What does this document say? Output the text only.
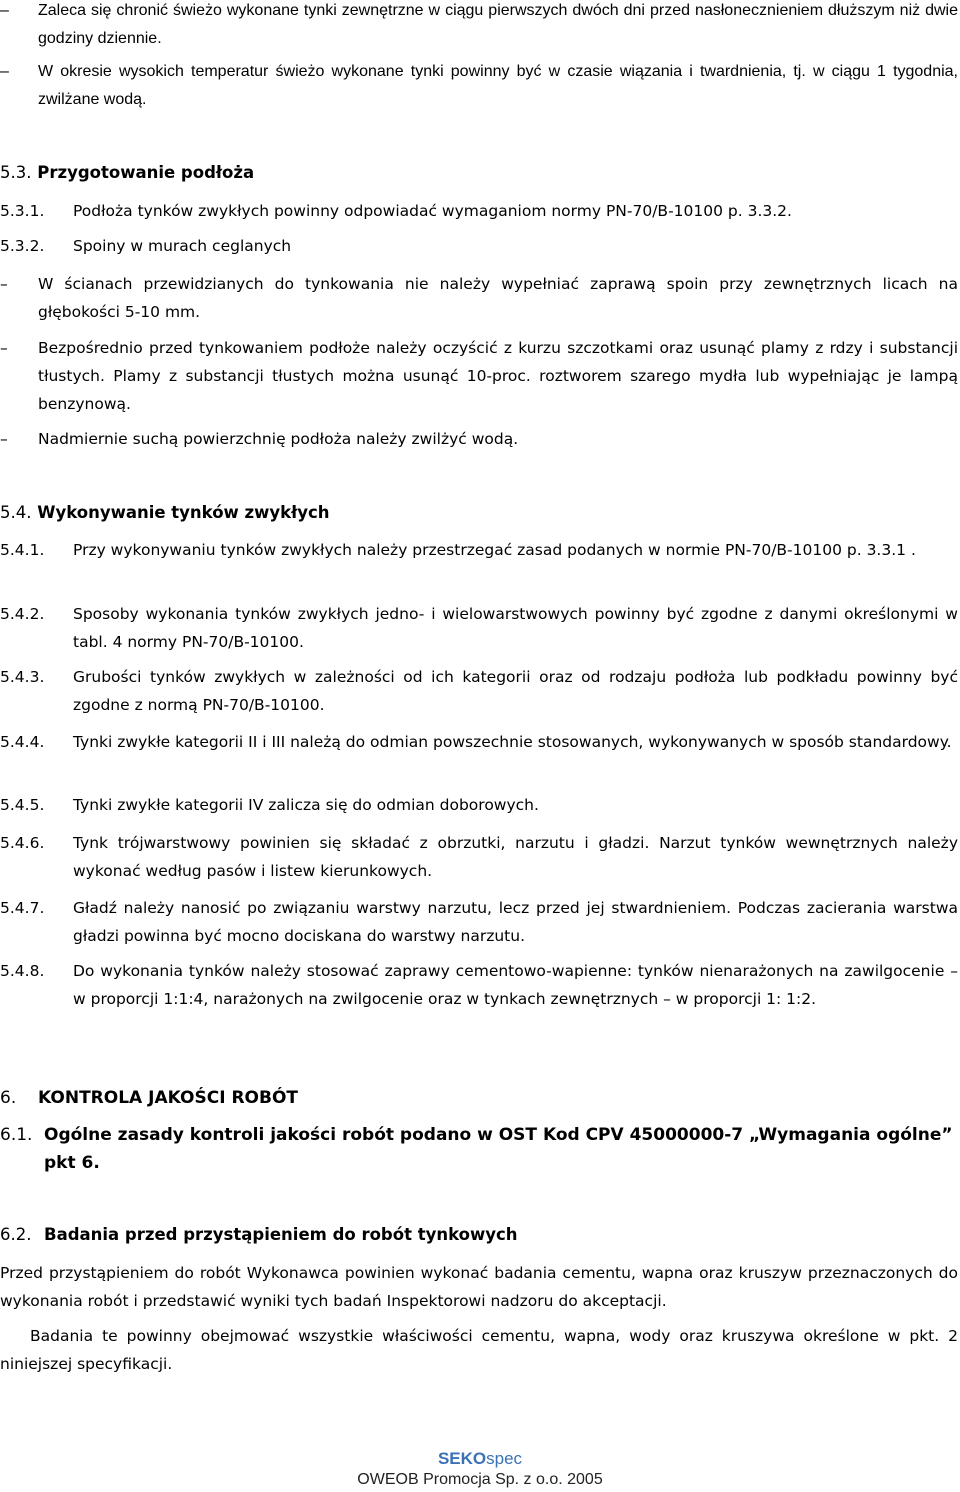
– Zaleca się chronić świeżo wykonane tynki zewnętrzne w ciągu pierwszych dwóch dni przed nasłonecznieniem dłuższym niż dwie godziny dziennie.
– W okresie wysokich temperatur świeżo wykonane tynki powinny być w czasie wiązania i twardnienia, tj. w ciągu 1 tygodnia, zwilżane wodą.
5.3. Przygotowanie podłoża
5.3.1. Podłoża tynków zwykłych powinny odpowiadać wymaganiom normy PN-70/B-10100 p. 3.3.2.
5.3.2. Spoiny w murach ceglanych
– W ścianach przewidzianych do tynkowania nie należy wypełniać zaprawą spoin przy zewnętrznych licach na głębokości 5-10 mm.
– Bezpośrednio przed tynkowaniem podłoże należy oczyścić z kurzu szczotkami oraz usunąć plamy z rdzy i substancji tłustych. Plamy z substancji tłustych można usunąć 10-proc. roztworem szarego mydła lub wypełniając je lampą benzynową.
– Nadmiernie suchą powierzchnię podłoża należy zwilżyć wodą.
5.4. Wykonywanie tynków zwykłych
5.4.1. Przy wykonywaniu tynków zwykłych należy przestrzegać zasad podanych w normie PN-70/B-10100 p. 3.3.1 .
5.4.2. Sposoby wykonania tynków zwykłych jedno- i wielowarstwowych powinny być zgodne z danymi określonymi w tabl. 4 normy PN-70/B-10100.
5.4.3. Grubości tynków zwykłych w zależności od ich kategorii oraz od rodzaju podłoża lub podkładu powinny być zgodne z normą PN-70/B-10100.
5.4.4. Tynki zwykłe kategorii II i III należą do odmian powszechnie stosowanych, wykonywanych w sposób standardowy.
5.4.5. Tynki zwykłe kategorii IV zalicza się do odmian doborowych.
5.4.6. Tynk trójwarstwowy powinien się składać z obrzutki, narzutu i gładzi. Narzut tynków wewnętrznych należy wykonać według pasów i listew kierunkowych.
5.4.7. Gładź należy nanosić po związaniu warstwy narzutu, lecz przed jej stwardnieniem. Podczas zacierania warstwa gładzi powinna być mocno dociskana do warstwy narzutu.
5.4.8. Do wykonania tynków należy stosować zaprawy cementowo-wapienne: tynków nienarażonych na zawilgocenie – w proporcji 1:1:4, narażonych na zwilgocenie oraz w tynkach zewnętrznych – w proporcji 1: 1:2.
6. KONTROLA JAKOŚCI ROBÓT
6.1. Ogólne zasady kontroli jakości robót podano w OST Kod CPV 45000000-7 „Wymagania ogólne” pkt 6.
6.2. Badania przed przystąpieniem do robót tynkowych
Przed przystąpieniem do robót Wykonawca powinien wykonać badania cementu, wapna oraz kruszyw przeznaczonych do wykonania robót i przedstawić wyniki tych badań Inspektorowi nadzoru do akceptacji.
Badania te powinny obejmować wszystkie właściwości cementu, wapna, wody oraz kruszywa określone w pkt. 2 niniejszej specyfikacji.
SEKOspec
OWEOB Promocja Sp. z o.o. 2005
